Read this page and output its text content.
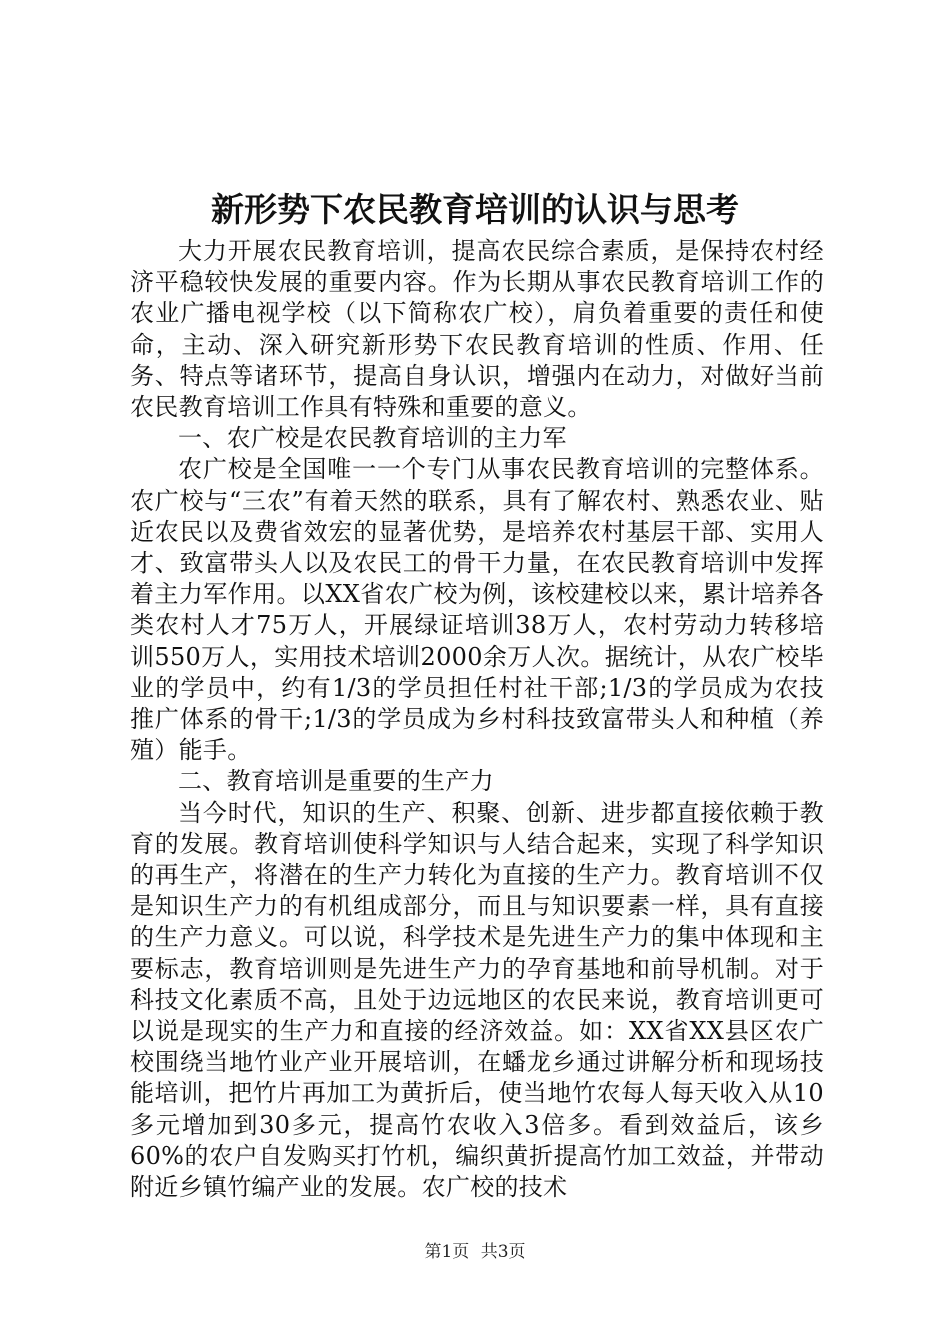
新形势下农民教育培训的认识与思考

大力开展农民教育培训，提高农民综合素质，是保持农村经济平稳较快发展的重要内容。作为长期从事农民教育培训工作的农业广播电视学校（以下简称农广校），肩负着重要的责任和使命，主动、深入研究新形势下农民教育培训的性质、作用、任务、特点等诸环节，提高自身认识，增强内在动力，对做好当前农民教育培训工作具有特殊和重要的意义。

一、农广校是农民教育培训的主力军

农广校是全国唯一一个专门从事农民教育培训的完整体系。农广校与“三农”有着天然的联系，具有了解农村、熟悉农业、贴近农民以及费省效宏的显著优势，是培养农村基层干部、实用人才、致富带头人以及农民工的骨干力量，在农民教育培训中发挥着主力军作用。以XX省农广校为例，该校建校以来，累计培养各类农村人才75万人，开展绿证培训38万人，农村劳动力转移培训550万人，实用技术培训2000余万人次。据统计，从农广校毕业的学员中，约有1/3的学员担任村社干部;1/3的学员成为农技推广体系的骨干;1/3的学员成为乡村科技致富带头人和种植（养殖）能手。

二、教育培训是重要的生产力

当今时代，知识的生产、积聚、创新、进步都直接依赖于教育的发展。教育培训使科学知识与人结合起来，实现了科学知识的再生产，将潜在的生产力转化为直接的生产力。教育培训不仅是知识生产力的有机组成部分，而且与知识要素一样，具有直接的生产力意义。可以说，科学技术是先进生产力的集中体现和主要标志，教育培训则是先进生产力的孕育基地和前导机制。对于科技文化素质不高，且处于边远地区的农民来说，教育培训更可以说是现实的生产力和直接的经济效益。如：XX省XX县区农广校围绕当地竹业产业开展培训，在蟠龙乡通过讲解分析和现场技能培训，把竹片再加工为黄折后，使当地竹农每人每天收入从10多元增加到30多元，提高竹农收入3倍多。看到效益后，该乡60%的农户自发购买打竹机，编织黄折提高竹加工效益，并带动附近乡镇竹编产业的发展。农广校的技术

第1页 共3页
